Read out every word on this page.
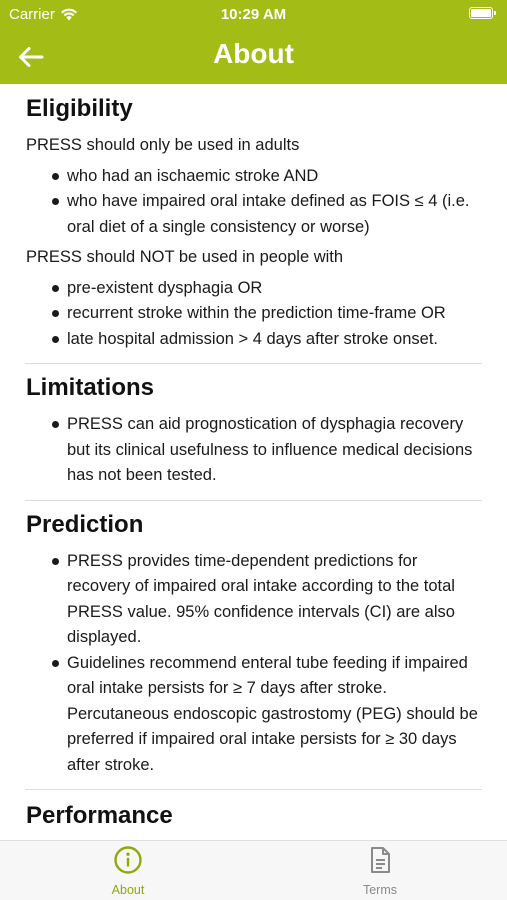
Carrier	10:29 AM
About
Eligibility

PRESS should only be used in adults

who had an ischaemic stroke AND
who have impaired oral intake defined as FOIS ≤ 4 (i.e. oral diet of a single consistency or worse)

PRESS should NOT be used in people with

pre-existent dysphagia OR
recurrent stroke within the prediction time-frame OR
late hospital admission > 4 days after stroke onset.
Limitations
PRESS can aid prognostication of dysphagia recovery but its clinical usefulness to influence medical decisions has not been tested.
Prediction
PRESS provides time-dependent predictions for recovery of impaired oral intake according to the total PRESS value. 95% confidence intervals (CI) are also displayed.
Guidelines recommend enteral tube feeding if impaired oral intake persists for ≥ 7 days after stroke. Percutaneous endoscopic gastrostomy (PEG) should be preferred if impaired oral intake persists for ≥ 30 days after stroke.
Performance
About	Terms
